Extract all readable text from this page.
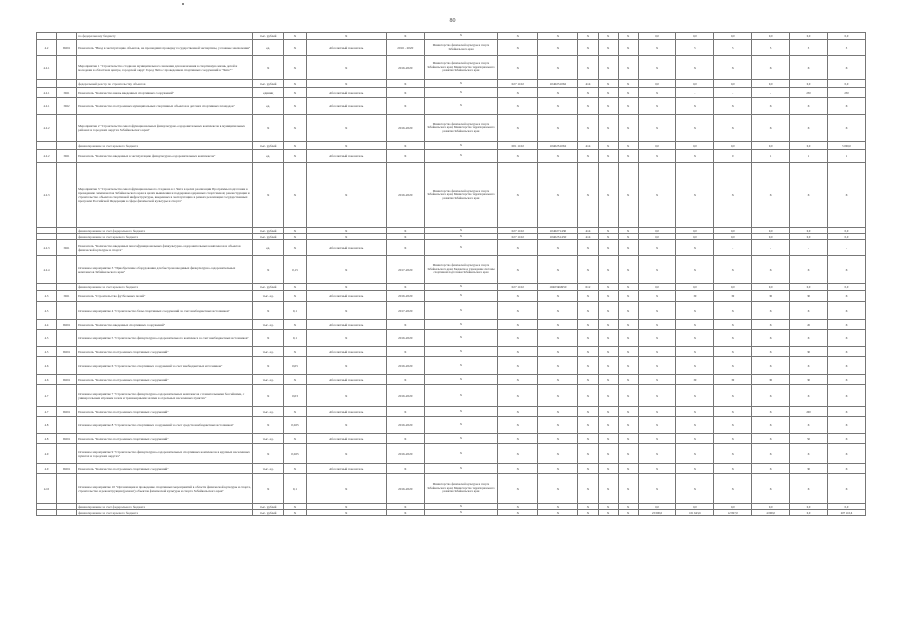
80
		по федеральному бюджету	тыс. рублей	X	X	X	X	X	X	X	X	X	0,0	0,0	0,0	0,0	0,0	0,0
4.2	ПО61	Показатель "Ввод в эксплуатацию объектов, не прошедших проверку государственной экспертизы, условные заключения"	ед.	X	Абсолютный показатель	2016 - 2020	Министерство физической культуры и спорта Забайкальского края	X	X	X	X	X	X	5	5	5	5	5
4.2.1		Мероприятие 1 "Строительство стадиона муниципального значения для вовлечения в спортивную жизнь детей и молодежи в областном центре, городской округ Город Чита с проведением спортивных сооружений в "Чите""	X	X	X	2016-2020	Министерство физической культуры и спорта Забайкальского края; Министерство территориального развития Забайкальского края	X	X	X	X	X	X	X	X	X	X	X
		федеральный реестр по строительству объектов	тыс. рублей	X	X	X	X	027 1102	1040251062	414	X	X	0,0	0,0	0,0	0,0	0,0	0,0
4.2.1	ПО1	Показатель "Количество вновь введенных спортивных сооружений"	единиц	X	Абсолютный показатель	X	X	X	X	X	X	X	X	-	-	-	250	250
4.2.1	ПО2	Показатель "Количество построенных муниципальных спортивных объектов и детских спортивных площадок"	ед.	X	Абсолютный показатель	X	X	X	X	X	X	X	X	X	X	X	X	X
4.2.2		Мероприятие 2 "Строительство многофункциональных физкультурно-оздоровительных комплексов в муниципальных районах и городских округах Забайкальского края"	X	X	X	2016-2020	Министерство физической культуры и спорта Забайкальского края; Министерство территориального развития Забайкальского края	X	X	X	X	X	X	X	X	X	X	X
		финансирование за счет краевого бюджета	тыс. рублей	X	X	X	X	001 1102	10402S1062	414	X	X	0,0	0,0	0,0	0,0	0,0	5 000,0
4.2.2	ПО1	Показатель "Количество введенных в эксплуатацию физкультурно-оздоровительных комплексов"	ед.	X	Абсолютный показатель	X	X	X	X	X	X	X	X	X	0	1	1	1
4.2.3		Мероприятие 3 "Строительство многофункционального стадиона в г. Чита в целях реализации Программы подготовки к проведению чемпионатов Забайкальского края в целях выявления и поддержки одаренных спортсменов; реконструкция и строительство объектов спортивной инфраструктуры, введенных в эксплуатацию в рамках реализации государственных программ Российской Федерации в сфере физической культуры и спорта"	X	X	X	2016-2020	Министерство физической культуры и спорта Забайкальского края; Министерство территориального развития Забайкальского края	X	X	X	X	X	X	X	X	X	X	X
		финансирование за счет федерального бюджета	тыс. рублей	X	X	X	X	027 1102	1040271430	414	X	X	0,0	0,0	0,0	0,0	0,0	0,0
		финансирование за счет краевого бюджета	тыс. рублей	X	X	X	X	027 1102	10402S1430	414	X	X	0,0	0,0	0,0	0,0	0,0	0,0
4.2.3	ПО1	Показатель "Количество введенных многофункциональных физкультурно-оздоровительных комплексов и объектов физической культуры и спорта"	ед.	X	Абсолютный показатель	X	X	X	X	X	X	X	X	X	-	-	-	-
4.2.4		Основное мероприятие 3 "Приобретение оборудования для быстровозводимых физкультурно-оздоровительных комплексов Забайкальского края"	X	0,15	X	2017-2020	Министерство физической культуры и спорта Забайкальского края; Бюджетное учреждение системы спортивной подготовки Забайкальского края	X	X	X	X	X	X	X	X	X	X	X
		финансирование за счет краевого бюджета	тыс. рублей	X	X	X	X	027 1102	10403R4950	612	X	X	0,0	0,0	0,0	0,0	0,0	0,0
4.3	ПО1	Показатель "Строительство футбольных полей"	тыс. ед.	X	Абсолютный показатель	2016-2020	X	X	X	X	X	X	X	30	30	30	30	X
4.5		Основное мероприятие 4 "Строительство базы спортивных сооружений за счет внебюджетных источников"	X	0,1	X	2017-2020	X	X	X	X	X	X	X	X	X	X	X	X
4.4	ПО61	Показатель "Количество введенных спортивных сооружений"	тыс. ед.	X	Абсолютный показатель	X	X	X	X	X	X	X	X	X	X	X	45	X
4.5		Основное мероприятие 5 "Строительство физкультурно-оздоровительного комплекса за счет внебюджетных источников"	X	0,1	X	2016-2020	X	X	X	X	X	X	X	X	X	X	X	X
4.5	ПО61	Показатель "Количество построенных спортивных сооружений"	тыс. ед.	X	Абсолютный показатель	X	X	X	X	X	X	X	X	X	X	X	30	X
4.6		Основное мероприятие 6 "Строительство спортивных сооружений за счет внебюджетных источников"	X	0,05	X	2016-2020	X	X	X	X	X	X	X	X	X	X	X	X
4.6	ПО61	Показатель "Количество построенных спортивных сооружений"	тыс. ед.	X	Абсолютный показатель	X	X	X	X	X	X	X	X	30	30	30	30	X
4.7		Основное мероприятие 7 "Строительство физкультурно-оздоровительных комплексов с плавательными бассейнами, с универсальным игровым залом и тренажерными залами в отдельных населенных пунктах"	X	0,03	X	2016-2020	X	X	X	X	X	X	X	X	X	X	X	X
4.7	ПО61	Показатель "Количество построенных спортивных сооружений"	тыс. ед.	X	Абсолютный показатель	X	X	X	X	X	X	X	X	X	X	X	200	X
4.8		Основное мероприятие 8 "Строительство спортивных сооружений за счет средств внебюджетных источников"	X	0,025	X	2016-2020	X	X	X	X	X	X	X	X	X	X	X	X
4.8	ПО61	Показатель "Количество построенных спортивных сооружений"	тыс. ед.	X	Абсолютный показатель	X	X	X	X	X	X	X	X	X	X	X	50	X
4.9		Основное мероприятие 9 "Строительство физкультурно-оздоровительных спортивных комплексов в крупных населенных пунктах и городских округах"	X	0,025	X	2016-2020	X	X	X	X	X	X	X	X	X	X	X	X
4.9	ПО61	Показатель "Количество построенных спортивных сооружений"	тыс. ед.	X	Абсолютный показатель	X	X	X	X	X	X	X	X	X	X	X	30	X
4.10		Основное мероприятие 10 "Организация и проведение спортивных мероприятий в области физической культуры и спорта, строительство и реконструкция (ремонт) объектов физической культуры и спорта Забайкальского края"	X	0,1	X	2016-2020	Министерство физической культуры и спорта Забайкальского края; Министерство территориального развития Забайкальского края	X	X	X	X	X	X	X	X	X	X	X
		финансирование за счет федерального бюджета	тыс. рублей	X	X	X	X	X	X	X	X	X	0,0	0,0	0,0	0,0	0,0	0,0
		финансирование за счет краевого бюджета	тыс. рублей	X	X	X	X	X	X	X	X	X	23 000,0	101 643,6	12 827,0	4 000,0	0,0	207 110,6
